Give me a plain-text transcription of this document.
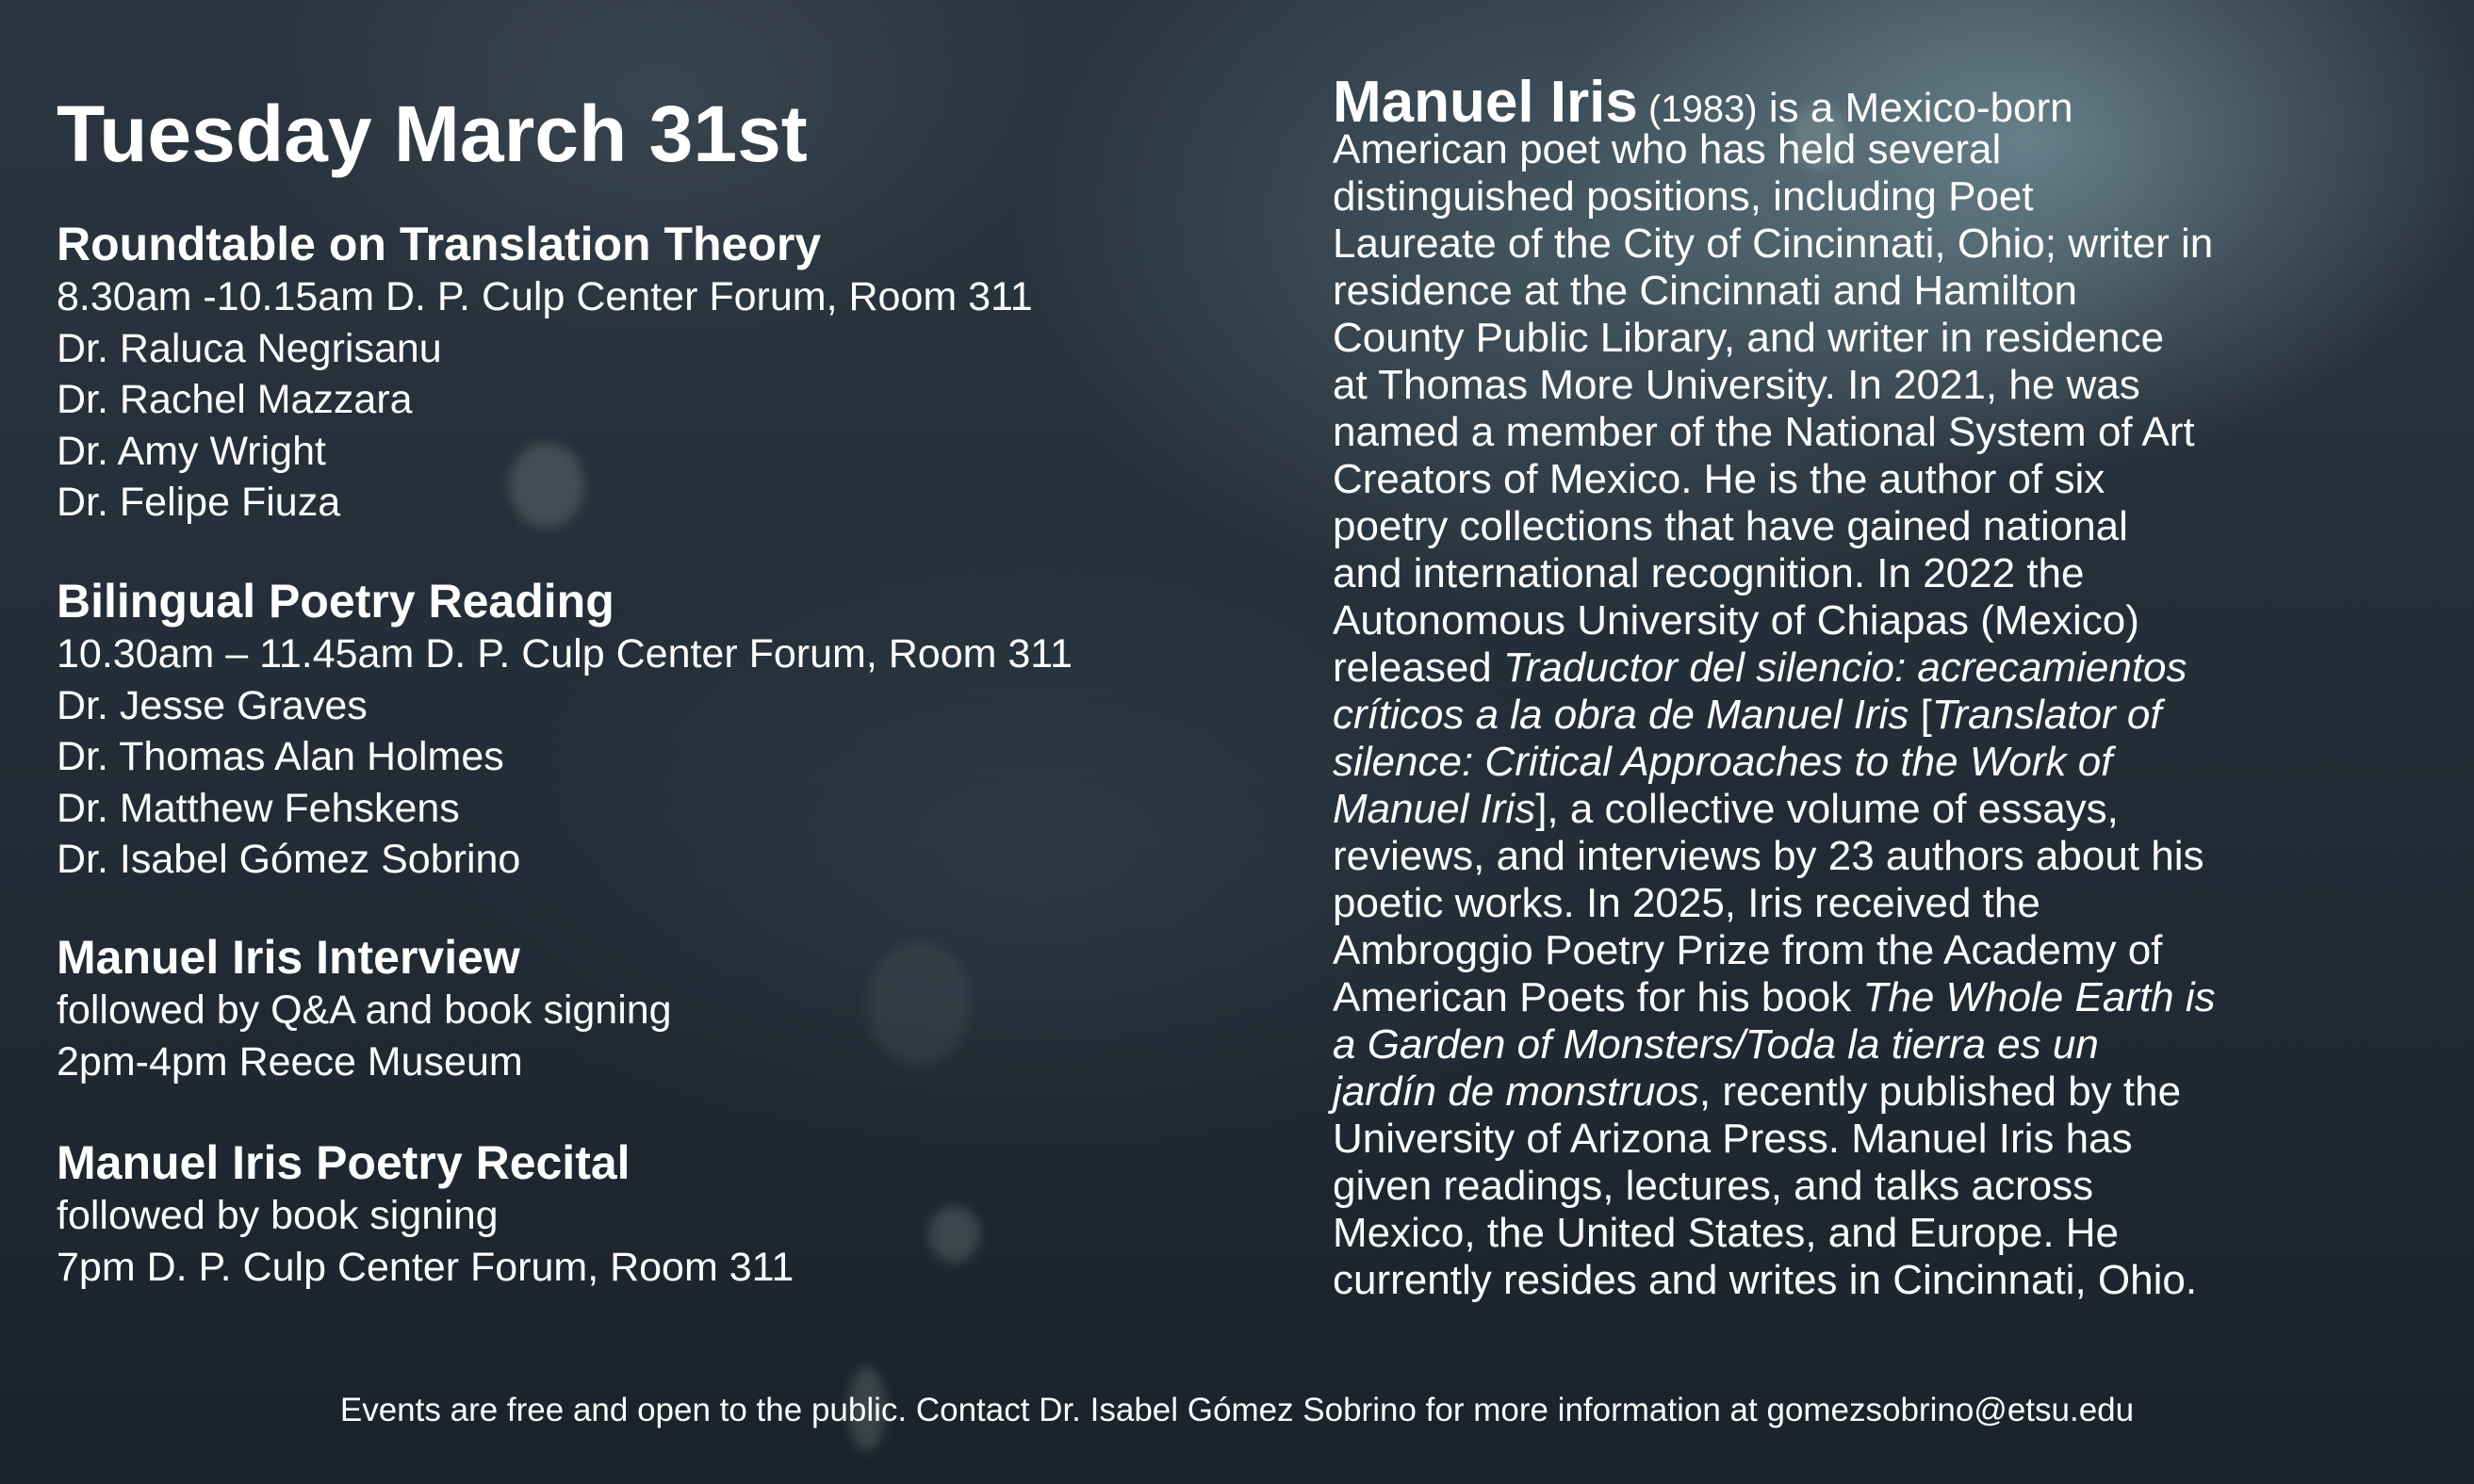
Tuesday March 31st
Roundtable on Translation Theory
8.30am -10.15am D. P. Culp Center Forum, Room 311
Dr. Raluca Negrisanu
Dr. Rachel Mazzara
Dr. Amy Wright
Dr. Felipe Fiuza
Bilingual Poetry Reading
10.30am – 11.45am D. P. Culp Center Forum, Room 311
Dr. Jesse Graves
Dr. Thomas Alan Holmes
Dr. Matthew Fehskens
Dr. Isabel Gómez Sobrino
Manuel Iris Interview
followed by Q&A and book signing
2pm-4pm Reece Museum
Manuel Iris Poetry Recital
followed by book signing
7pm D. P. Culp Center Forum, Room 311
Manuel Iris (1983) is a Mexico-born
American poet who has held several
distinguished positions, including Poet
Laureate of the City of Cincinnati, Ohio; writer in
residence at the Cincinnati and Hamilton
County Public Library, and writer in residence
at Thomas More University. In 2021, he was
named a member of the National System of Art
Creators of Mexico. He is the author of six
poetry collections that have gained national
and international recognition. In 2022 the
Autonomous University of Chiapas (Mexico)
released Traductor del silencio: acrecamientos
críticos a la obra de Manuel Iris [Translator of
silence: Critical Approaches to the Work of
Manuel Iris], a collective volume of essays,
reviews, and interviews by 23 authors about his
poetic works. In 2025, Iris received the
Ambroggio Poetry Prize from the Academy of
American Poets for his book The Whole Earth is
a Garden of Monsters/Toda la tierra es un
jardín de monstruos, recently published by the
University of Arizona Press. Manuel Iris has
given readings, lectures, and talks across
Mexico, the United States, and Europe. He
currently resides and writes in Cincinnati, Ohio.
Events are free and open to the public. Contact Dr. Isabel Gómez Sobrino for more information at gomezsobrino@etsu.edu
